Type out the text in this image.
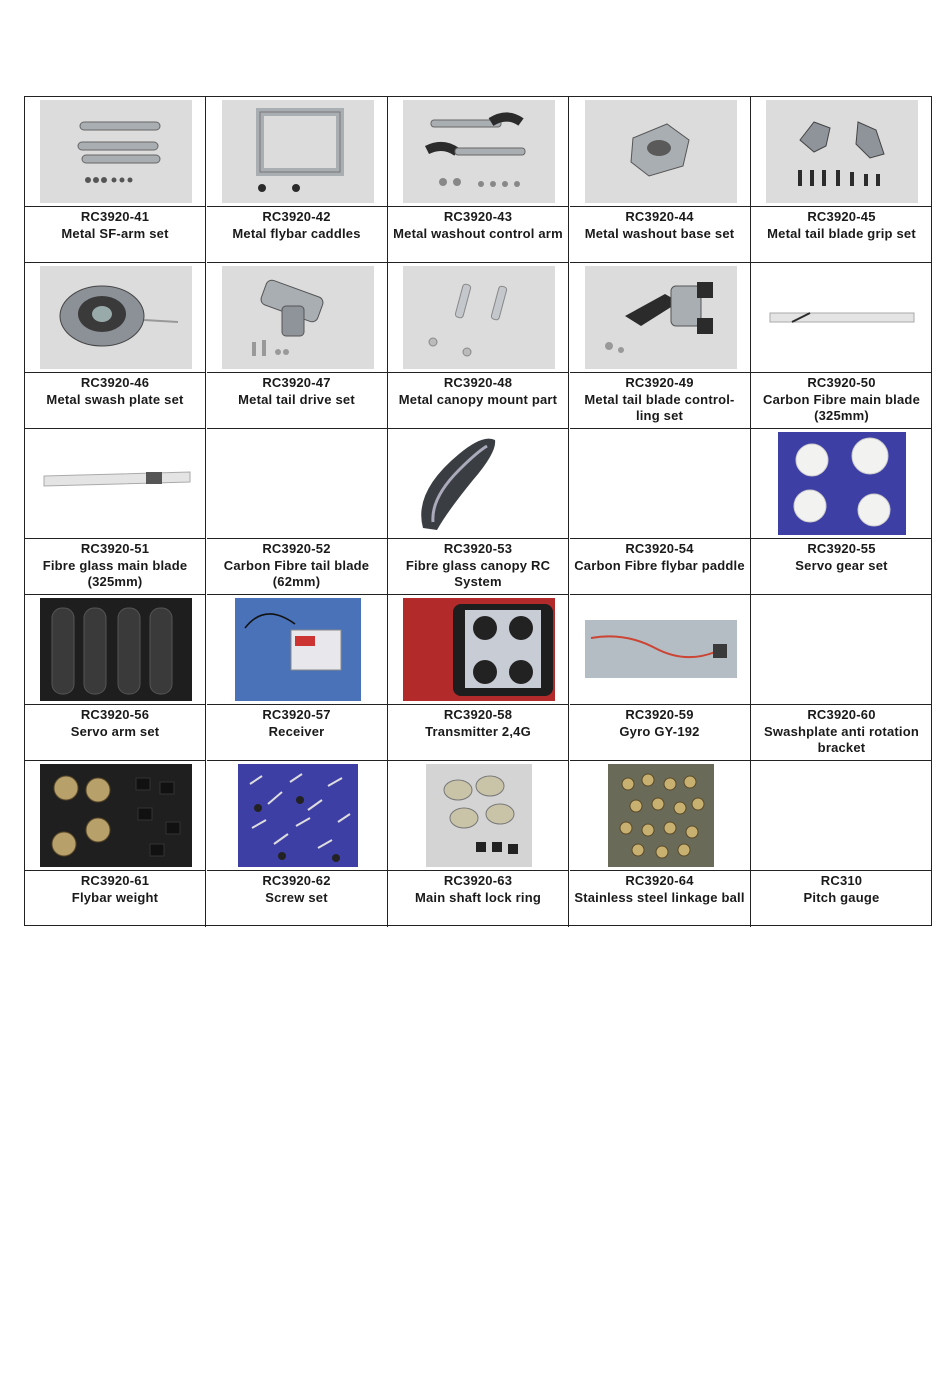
RC3920-41
Metal SF-arm set
RC3920-42
Metal flybar caddles
RC3920-43
Metal washout control arm
RC3920-44
Metal washout base set
RC3920-45
Metal tail blade grip set
RC3920-46
Metal swash plate set
RC3920-47
Metal tail drive set
RC3920-48
Metal canopy mount part
RC3920-49
Metal tail blade control-ling set
RC3920-50
Carbon Fibre main blade (325mm)
RC3920-51
Fibre glass main blade (325mm)
RC3920-52
Carbon Fibre tail blade (62mm)
RC3920-53
Fibre glass canopy RC System
RC3920-54
Carbon Fibre flybar paddle
RC3920-55
Servo gear set
RC3920-56
Servo arm set
RC3920-57
Receiver
RC3920-58
Transmitter 2,4G
RC3920-59
Gyro GY-192
RC3920-60
Swashplate anti rotation bracket
RC3920-61
Flybar weight
RC3920-62
Screw set
RC3920-63
Main shaft lock ring
RC3920-64
Stainless steel linkage ball
RC310
Pitch gauge
